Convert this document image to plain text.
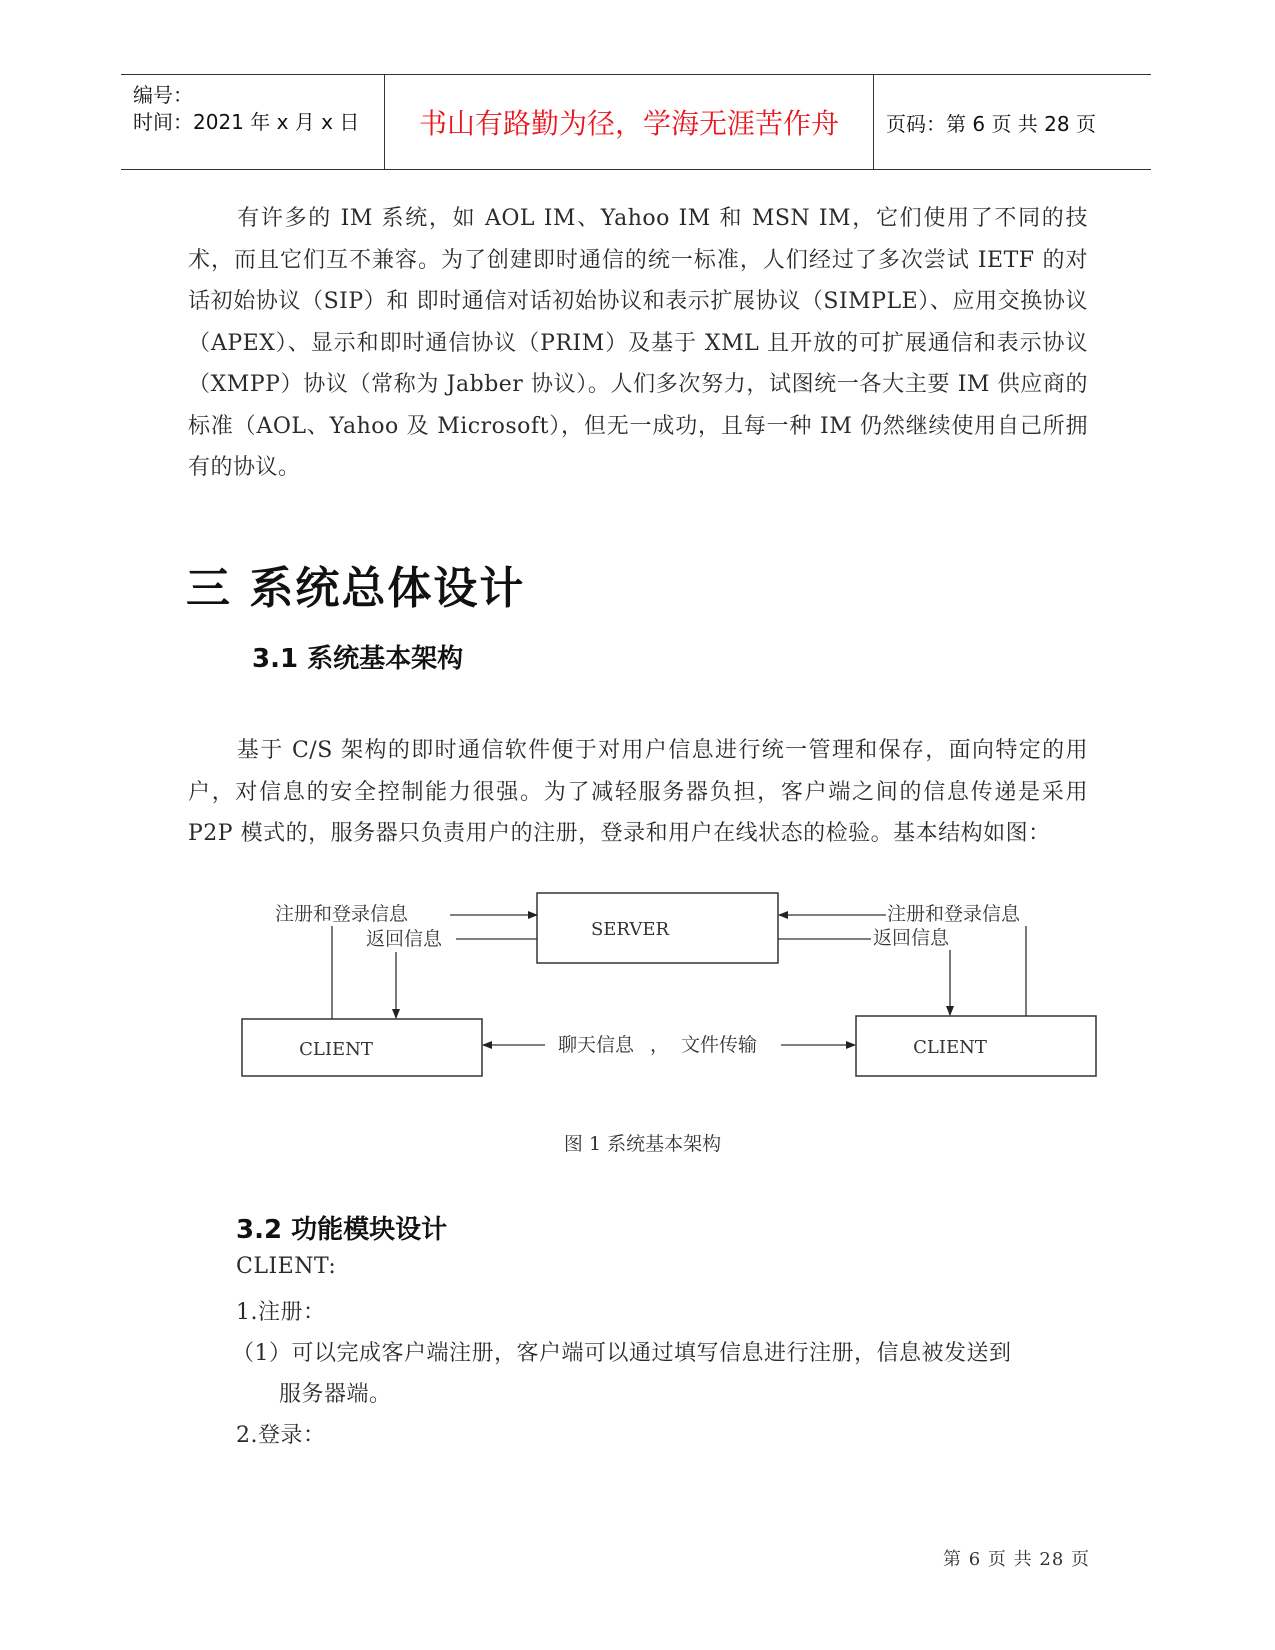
编号：
时间：2021 年 x 月 x 日	书山有路勤为径，学海无涯苦作舟	页码：第 6 页 共 28 页
有许多的 IM 系统，如 AOL IM、Yahoo IM 和 MSN IM，它们使用了不同的技术，而且它们互不兼容。为了创建即时通信的统一标准，人们经过了多次尝试 IETF 的对话初始协议（SIP）和 即时通信对话初始协议和表示扩展协议（SIMPLE）、应用交换协议（APEX）、显示和即时通信协议（PRIM）及基于 XML 且开放的可扩展通信和表示协议（XMPP）协议（常称为 Jabber 协议）。人们多次努力，试图统一各大主要 IM 供应商的标准（AOL、Yahoo 及 Microsoft），但无一成功，且每一种 IM 仍然继续使用自己所拥有的协议。
三 系统总体设计
3.1 系统基本架构
基于 C/S 架构的即时通信软件便于对用户信息进行统一管理和保存，面向特定的用户，对信息的安全控制能力很强。为了减轻服务器负担，客户端之间的信息传递是采用 P2P 模式的，服务器只负责用户的注册，登录和用户在线状态的检验。基本结构如图：
SERVER
CLIENT	CLIENT
注册和登录信息
返回信息
注册和登录信息
返回信息
聊天信息 ， 文件传输
图 1 系统基本架构
3.2 功能模块设计
CLIENT:
1.注册：
（1）可以完成客户端注册，客户端可以通过填写信息进行注册，信息被发送到
服务器端。
2.登录：
第 6 页 共 28 页
